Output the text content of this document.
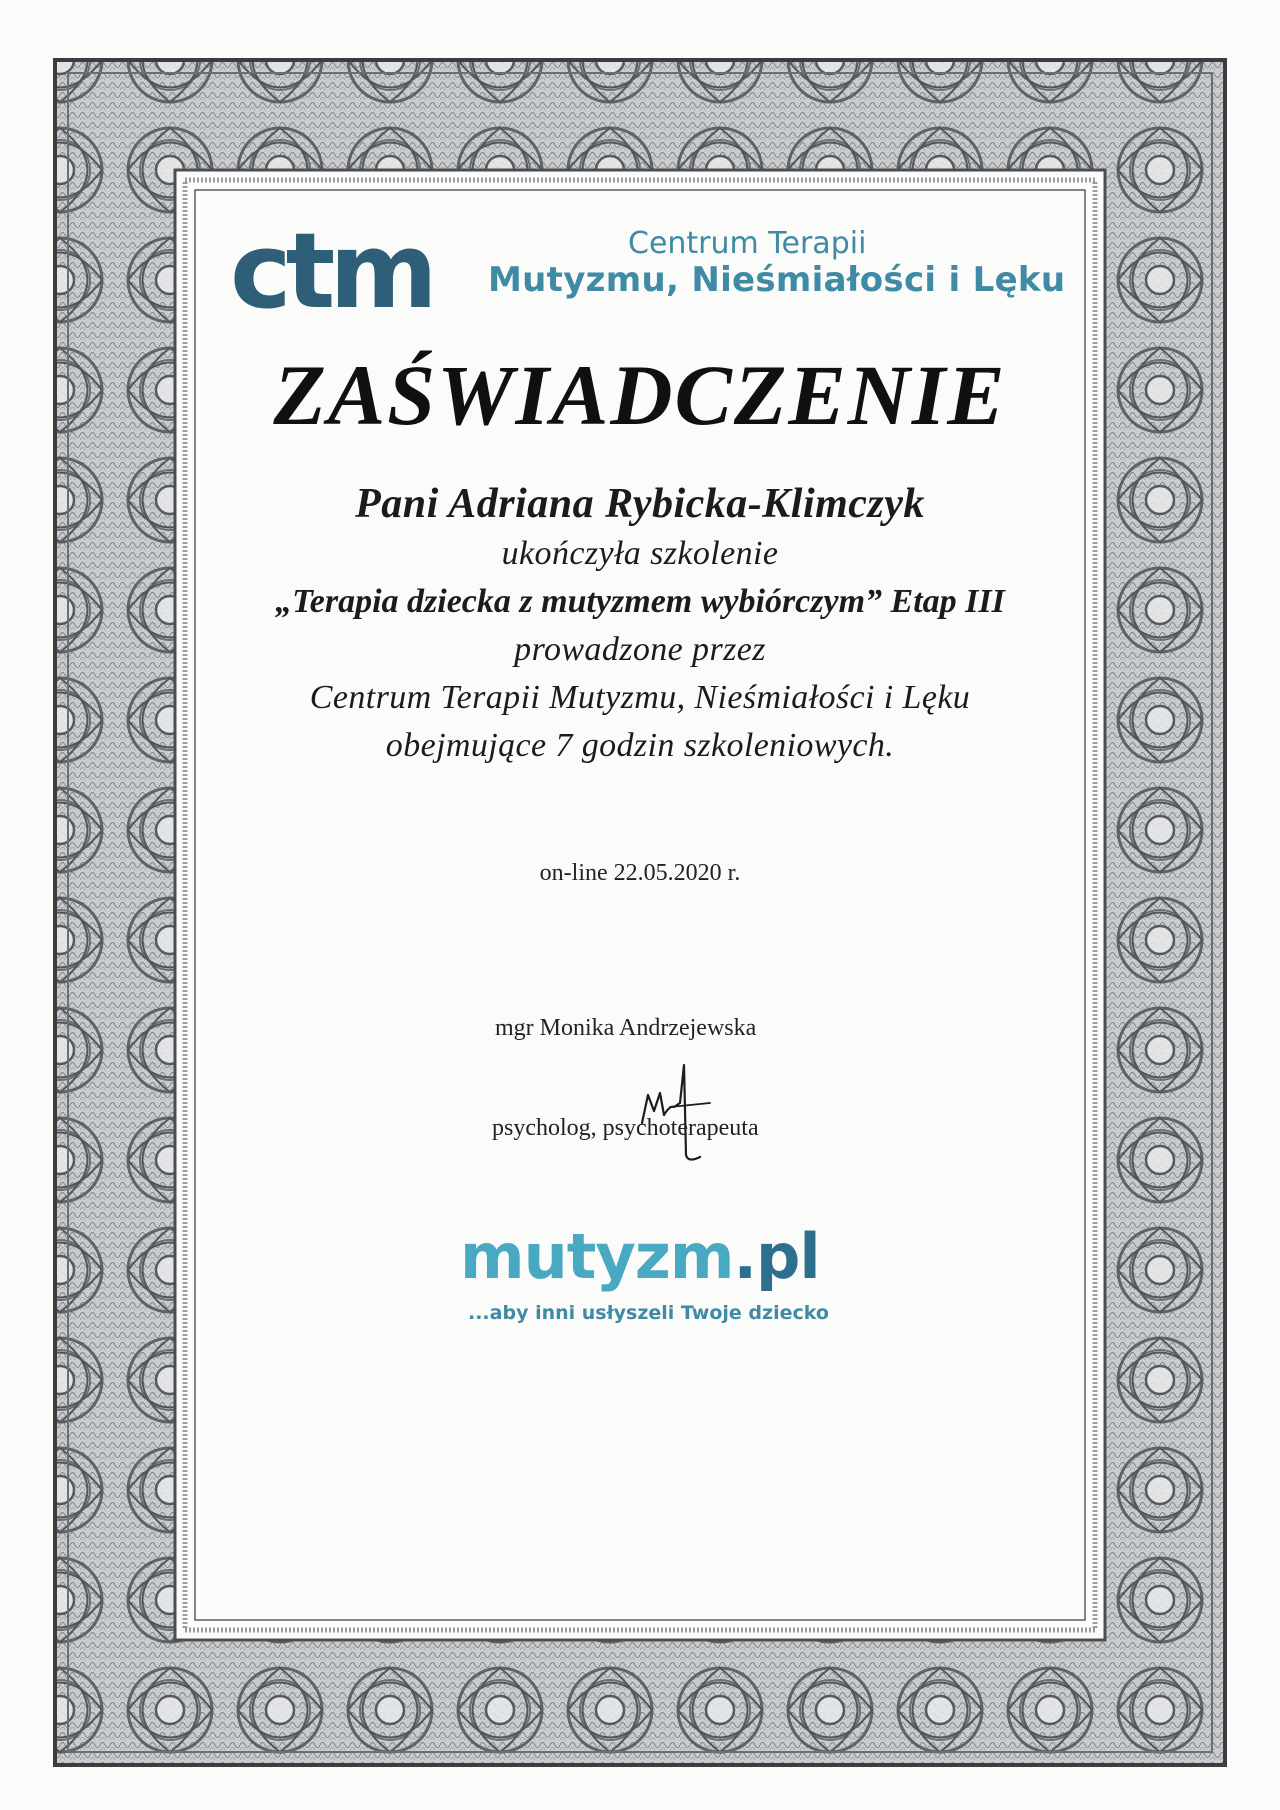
ctm	Centrum Terapii
Mutyzmu, Nieśmiałości i Lęku
ZAŚWIADCZENIE
Pani Adriana Rybicka-Klimczyk
ukończyła szkolenie
„Terapia dziecka z mutyzmem wybiórczym” Etap III
prowadzone przez
Centrum Terapii Mutyzmu, Nieśmiałości i Lęku
obejmujące 7 godzin szkoleniowych.
on-line 22.05.2020 r.
mgr Monika Andrzejewska
psycholog, psychoterapeuta
mutyzm.pl
...aby inni usłyszeli Twoje dziecko
